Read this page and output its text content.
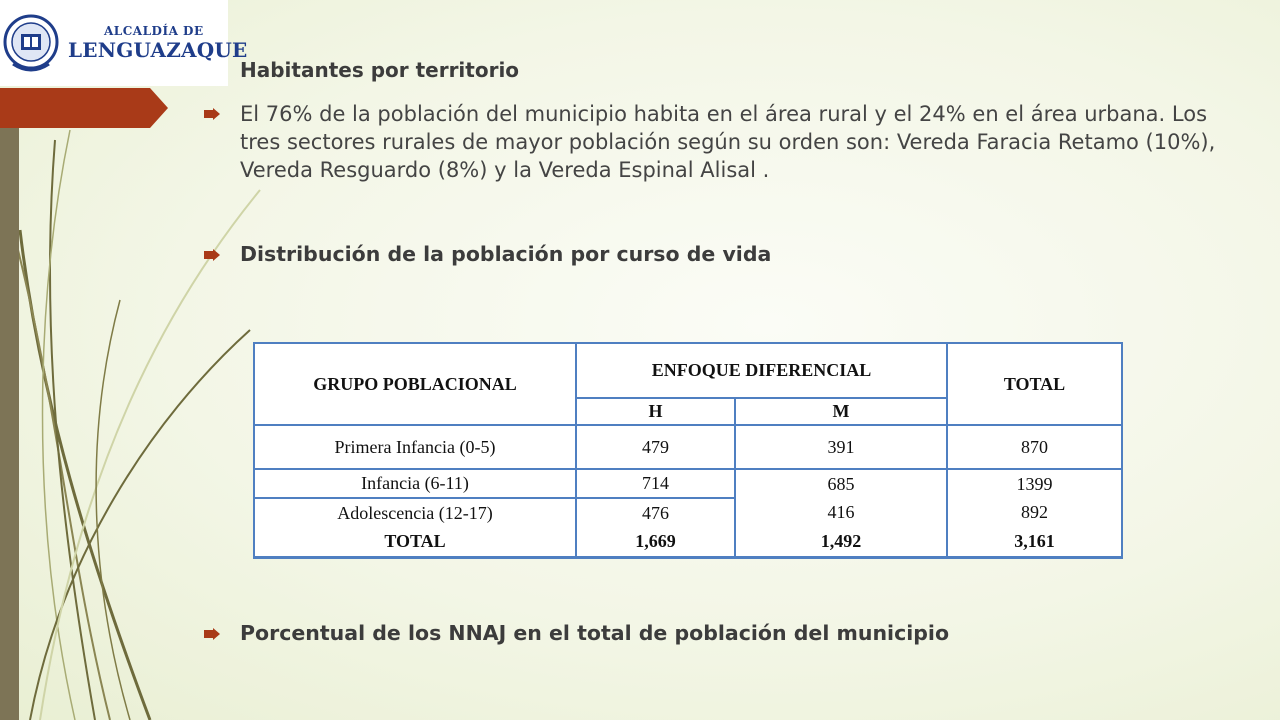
ALCALDÍA DE
LENGUAZAQUE
Habitantes por territorio
El 76% de la población del municipio habita en el área rural y el 24% en el área urbana. Los tres sectores rurales de mayor población según su orden son: Vereda Faracia Retamo (10%), Vereda Resguardo (8%) y la Vereda Espinal Alisal .
Distribución de la población por curso de vida
GRUPO POBLACIONAL	ENFOQUE DIFERENCIAL		TOTAL
	H	M	
Primera Infancia (0-5)	479	391	870
Infancia (6-11)	714	685	1399
Adolescencia (12-17)	476	416	892
TOTAL	1,669	1,492	3,161
Porcentual de los NNAJ en el total de población del municipio
